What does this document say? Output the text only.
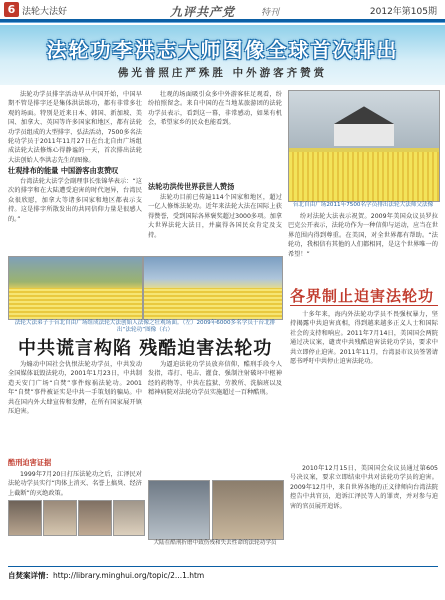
6 法轮大法好	九评共产党	特刊	2012年第105期
法轮功李洪志大师图像全球首次排出
佛光普照庄严殊胜 中外游客齐赞赏

法轮功学员排字活动早从中国开始，中国早期不管是排字还是集体洪法练功，都有非常多壮观的场面。特别是近来日本、韩国、新加坡、美国、加拿大、英国等许多国家和地区，都有法轮功学员组成的大型排字、弘法活动，7500多名法轮功学员于2011年11月27日在台北自由广场组成法轮大法修炼心得静谧的一天，首次排出法轮大法创始人李洪志先生的图像。

壮观的场面吸引众多中外游客驻足观看，纷纷拍照留念。来自中国的在当地某旅游团的法轮功学员表示，看到这一幕，非常感动，如果有机会，希望家乡的民众也能看到。

台北自由广场2011年7500名学员排出法轮大法师父法像
壮观排布的能量 中国游客由衷赞叹
法轮功洪传世界获世人赞扬

台湾法轮大法学会副理事长张锦华表示：“这次的排字和在大陆遭受迫害的时代迥异，台湾民众很欣慰，加拿大等诸多国家和地区都表示支持。这是排字所散发出的共同信仰力量是很感人的。”

法轮功目前已传遍114个国家和地区，超过一亿人修炼法轮功。近年来法轮大法在国际上获得赞誉，受到国际各界褒奖超过3000多项。加拿大世界法轮大法日，并赢得各国民众肯定及支持。

纷对法轮大法表示祝贺。2009年美国众议员罗拉巴克公开表示，法轮功作为一种信仰与运动，应当在世界范围内得到尊重。在美国，对全世界都有帮助。“法轮功，我相信有其他的人们都相同，是这个世界唯一的希望！”

法轮大法弟子于台北自由广场组成法轮大法创始人法像之壮观场面。（左）2009年6000多名学员于台北排出“法轮功”图像（右）
各界制止迫害法轮功
中共谎言构陷 残酷迫害法轮功

为煽动中国社会仇恨法轮功学员，中共发动全国媒体诋毁法轮功，2001年1月23日，中共制造天安门广场“自焚”事件嫁祸法轮功。2001年“自焚”事件被证实是中共一手策划的骗局。中共在国内外大肆宣传和发酵，在所有国家展开镇压迫害。

为逼迫法轮功学员放弃信仰，酷刑手段令人发指，毒打、电击、灌食、强制注射破坏中枢神经的药物等，中共在监狱、劳教所、洗脑班以及精神病院对法轮功学员实施超过一百种酷刑。

十多年来，海内外法轮功学员不畏强权暴力，坚持揭露中共迫害真相，得到越来越多正义人士和国际社会的支持和响应。2011年7月14日，美国国会两院通过决议案，谴责中共残酷迫害法轮功学员，要求中共立即停止迫害。2011年11月，台湾县市议员签署请愿书呼吁中共停止迫害法轮功。

2010年12月15日，美国国会众议员通过第605号决议案，要求立即结束中共对法轮功学员的迫害。2009年12月中，来自世界各地的正义律师向台湾法院控告中共官员，追诉江泽民等人的罪责，并对参与迫害的官员展开追诉。

酷刑迫害证据

1999年7月20日打压法轮功之后，江泽民对法轮功学员实行“肉体上消灭、名誉上搞臭、经济上截断”的灭绝政策。

大陆在酷刑折磨中致伤残和失去性命的法轮功学员
自焚案详情：http://library.minghui.org/topic/2...1.htm
